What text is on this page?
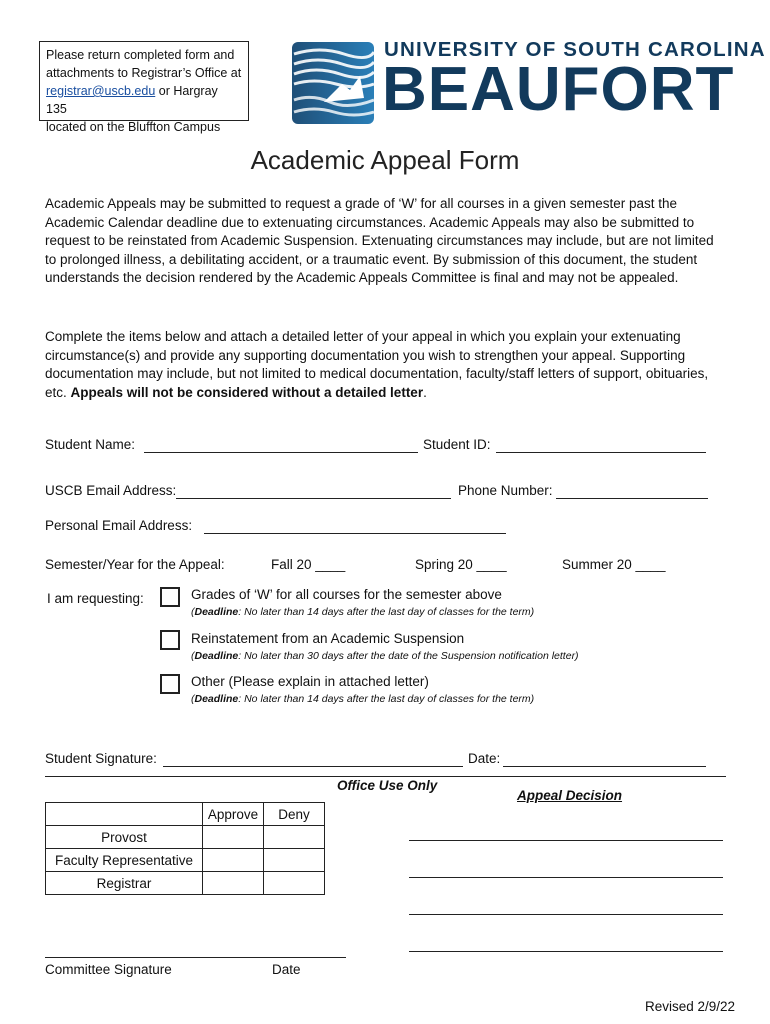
Please return completed form and
attachments to Registrar’s Office at
registrar@uscb.edu or Hargray 135
located on the Bluffton Campus
UNIVERSITY OF SOUTH CAROLINA
BEAUFORT
Academic Appeal Form
Academic Appeals may be submitted to request a grade of ‘W’ for all courses in a given semester past the Academic Calendar deadline due to extenuating circumstances. Academic Appeals may also be submitted to request to be reinstated from Academic Suspension. Extenuating circumstances may include, but are not limited to prolonged illness, a debilitating accident, or a traumatic event. By submission of this document, the student understands the decision rendered by the Academic Appeals Committee is final and may not be appealed.
Complete the items below and attach a detailed letter of your appeal in which you explain your extenuating circumstance(s) and provide any supporting documentation you wish to strengthen your appeal. Supporting documentation may include, but not limited to medical documentation, faculty/staff letters of support, obituaries, etc. Appeals will not be considered without a detailed letter.
Student Name:	Student ID:
USCB Email Address:	Phone Number:
Personal Email Address:
Semester/Year for the Appeal:	Fall 20 ____	Spring 20 ____	Summer 20 ____
I am requesting:	Grades of ‘W’ for all courses for the semester above
(Deadline: No later than 14 days after the last day of classes for the term)
Reinstatement from an Academic Suspension
(Deadline: No later than 30 days after the date of the Suspension notification letter)
Other (Please explain in attached letter)
(Deadline: No later than 14 days after the last day of classes for the term)
Student Signature:	Date:
Office Use Only
Appeal Decision
	Approve	Deny
Provost		
Faculty Representative		
Registrar		
Committee Signature	Date
Revised 2/9/22
